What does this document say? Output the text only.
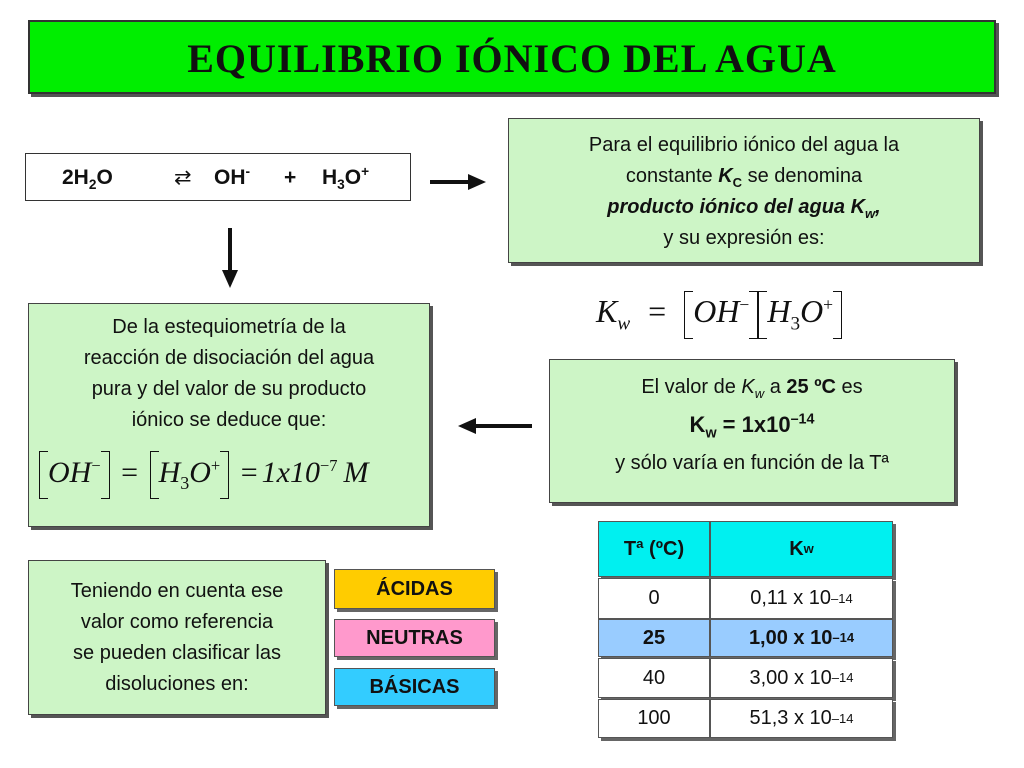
EQUILIBRIO IÓNICO DEL AGUA
$2H_2O$	⇄ $OH^- + H_3O^+$
Para el equilibrio iónico del agua la
constante $K_C$ se denomina
producto iónico del agua $K_w$,
y su expresión es:
$K_w = OH^-$ $H_3O^+$
De la estequiometría de la
reacción de disociación del agua
pura y del valor de su producto
iónico se deduce que:
$OH^- = H_3O^+ = 1x10^{-7}$ M
El valor de $K_w$ a 25 ºC es
$K_w = 1x10^{-14}$
y sólo varía en función de la Tª
Tª (ºC)	K w
0	0,11 x 10 –14
25	1,00 x 10 –14
40	3,00 x 10 –14
100	51,3 x 10 –14
Teniendo en cuenta ese
valor como referencia
se pueden clasificar las
disoluciones en:
ÁCIDAS
NEUTRAS
BÁSICAS
